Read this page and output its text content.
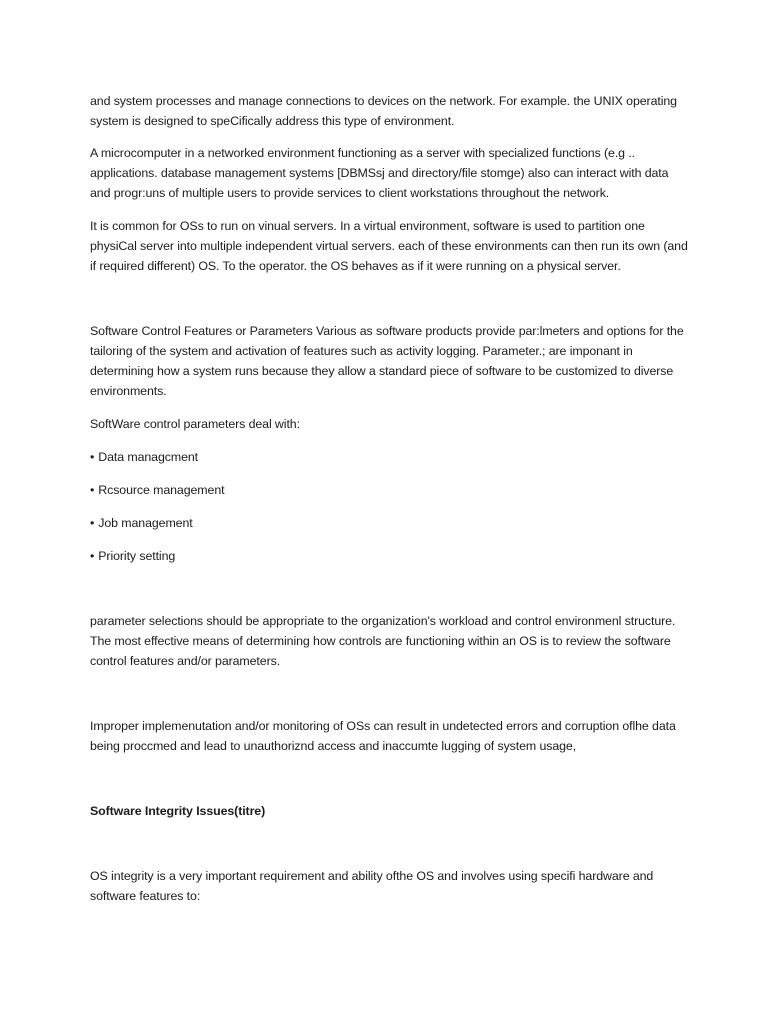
and system processes and manage connections to devices on the network. For example. the UNIX operating system is designed to speCifically address this type of environment.

A microcomputer in a networked environment functioning as a server with specialized functions (e.g .. applications. database management systems [DBMSsj and directory/file stomge) also can interact with data and progr:uns of multiple users to provide services to client workstations throughout the network.

It is common for OSs to run on vinual servers. In a virtual environment, software is used to partition one physiCal server into multiple independent virtual servers. each of these environments can then run its own (and if required different) OS. To the operator. the OS behaves as if it were running on a physical server.

Software Control Features or Parameters Various as software products provide par:lmeters and options for the tailoring of the system and activation of features such as activity logging. Parameter.; are imponant in determining how a system runs because they allow a standard piece of software to be customized to diverse environments.

SoftWare control parameters deal with:

• Data managcment

• Rcsource management

• Job management

• Priority setting

parameter selections should be appropriate to the organization's workload and control environmenl structure. The most effective means of determining how controls are functioning within an OS is to review the software control features and/or parameters.

Improper implemenutation and/or monitoring of OSs can result in undetected errors and corruption oflhe data being proccmed and lead to unauthoriznd access and inaccumte lugging of system usage,

Software Integrity Issues(titre)

OS integrity is a very important requirement and ability ofthe OS and involves using specifi hardware and software features to:
